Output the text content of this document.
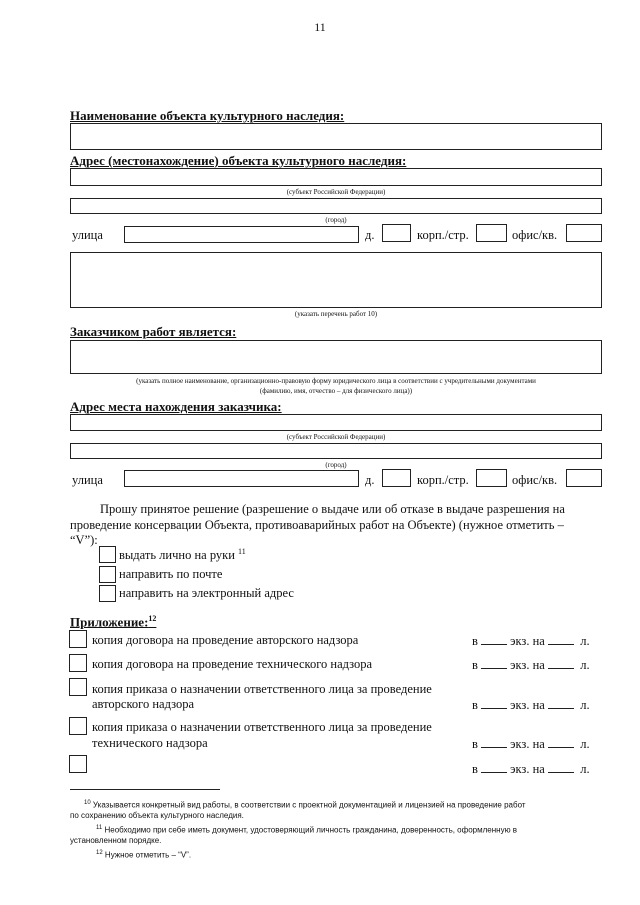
11
Наименование объекта культурного наследия:
Адрес (местонахождение) объекта культурного наследия:
(субъект Российской Федерации)
(город)
улица	д.	корп./стр.	офис/кв.
(указать перечень работ 10)
Заказчиком работ является:
(указать полное наименование, организационно-правовую форму юридического лица в соответствии с учредительными документами
(фамилию, имя, отчество – для физического лица))
Адрес места нахождения заказчика:
(субъект Российской Федерации)
(город)
улица	д.	корп./стр.	офис/кв.
Прошу принятое решение (разрешение о выдаче или об отказе в выдаче разрешения на
проведение консервации Объекта, противоаварийных работ на Объекте) (нужное отметить –
“V”):
выдать лично на руки $^{11}$
направить по почте
направить на электронный адрес
Приложение:$^{12}$
копия договора на проведение авторского надзора	в	экз. на	л.
копия договора на проведение технического надзора	в	экз. на	л.
копия приказа о назначении ответственного лица за проведение
авторского надзора	в	экз. на	л.
копия приказа о назначении ответственного лица за проведение
технического надзора	в	экз. на	л.
в	экз. на	л.
$^{10}$ Указывается конкретный вид работы, в соответствии с проектной документацией и лицензией на проведение работ
по сохранению объекта культурного наследия.
$^{11}$ Необходимо при себе иметь документ, удостоверяющий личность гражданина, доверенность, оформленную в
установленном порядке.
$^{12}$ Нужное отметить – “V”.
